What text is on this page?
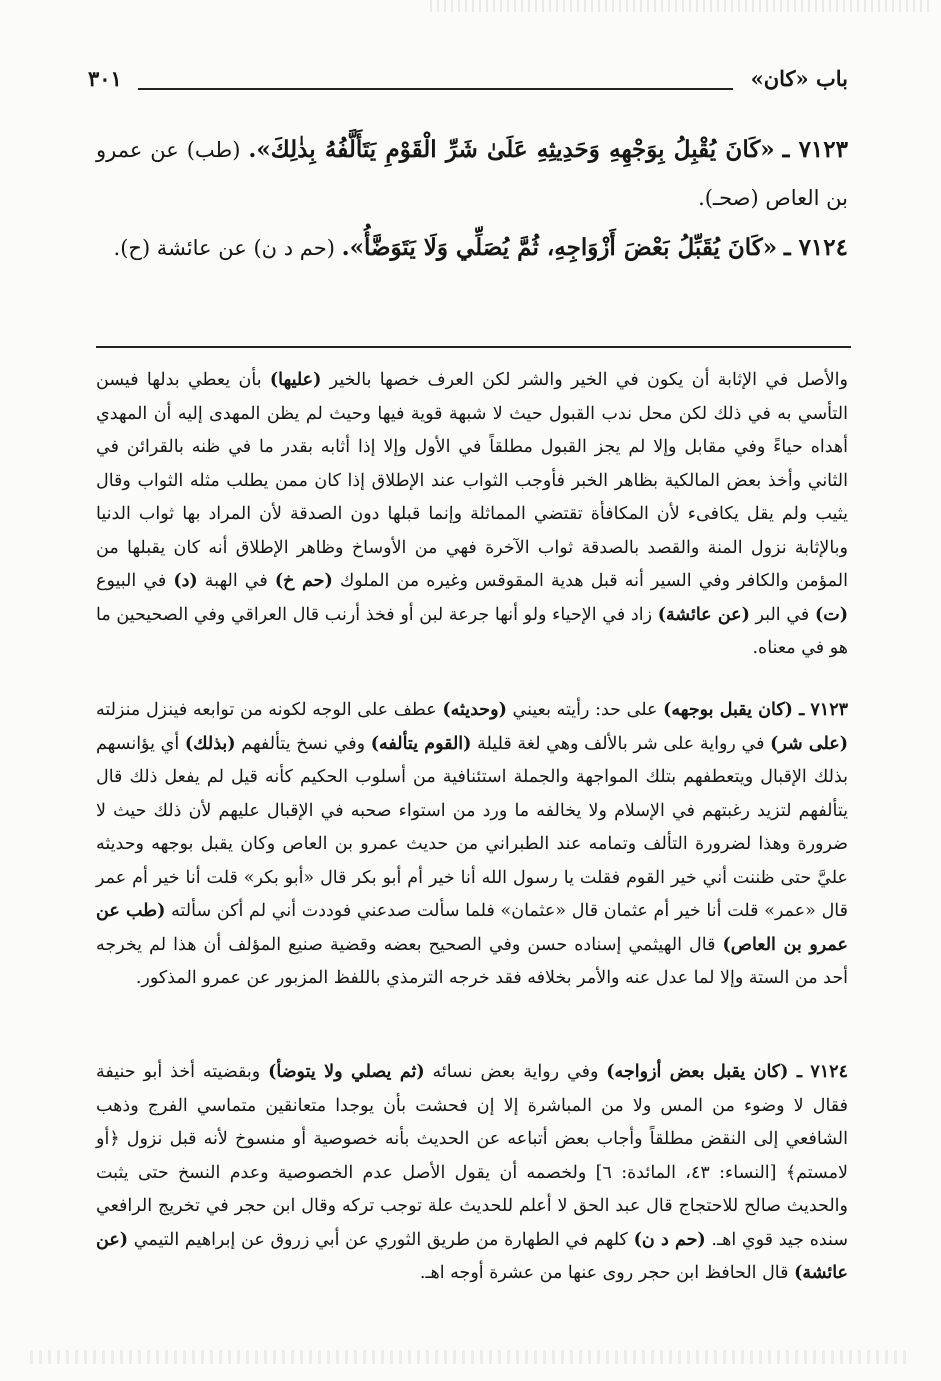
باب «كان»
٣٠١
٧١٢٣ ـ «كَانَ يُقْبِلُ بِوَجْهِهِ وَحَدِيثِهِ عَلَىٰ شَرِّ الْقَوْمِ يَتَأَلَّفُهُ بِذٰلِكَ». (طب) عن عمرو بن العاص (صحـ).
٧١٢٤ ـ «كَانَ يُقَبِّلُ بَعْضَ أَزْوَاجِهِ، ثُمَّ يُصَلِّي وَلَا يَتَوَضَّأُ». (حم د ن) عن عائشة (ح).
والأصل في الإثابة أن يكون في الخير والشر لكن العرف خصها بالخير (عليها) بأن يعطي بدلها فيسن التأسي به في ذلك لكن محل ندب القبول حيث لا شبهة قوية فيها وحيث لم يظن المهدى إليه أن المهدي أهداه حياءً وفي مقابل وإلا لم يجز القبول مطلقاً في الأول وإلا إذا أثابه بقدر ما في ظنه بالقرائن في الثاني وأخذ بعض المالكية بظاهر الخبر فأوجب الثواب عند الإطلاق إذا كان ممن يطلب مثله الثواب وقال يثيب ولم يقل يكافىء لأن المكافأة تقتضي المماثلة وإنما قبلها دون الصدقة لأن المراد بها ثواب الدنيا وبالإثابة نزول المنة والقصد بالصدقة ثواب الآخرة فهي من الأوساخ وظاهر الإطلاق أنه كان يقبلها من المؤمن والكافر وفي السير أنه قبل هدية المقوقس وغيره من الملوك (حم خ) في الهبة (د) في البيوع (ت) في البر (عن عائشة) زاد في الإحياء ولو أنها جرعة لبن أو فخذ أرنب قال العراقي وفي الصحيحين ما هو في معناه.
٧١٢٣ ـ (كان يقبل بوجهه) على حد: رأيته بعيني (وحديثه) عطف على الوجه لكونه من توابعه فينزل منزلته (على شر) في رواية على شر بالألف وهي لغة قليلة (القوم يتألفه) وفي نسخ يتألفهم (بذلك) أي يؤانسهم بذلك الإقبال ويتعطفهم بتلك المواجهة والجملة استئنافية من أسلوب الحكيم كأنه قيل لم يفعل ذلك قال يتألفهم لتزيد رغبتهم في الإسلام ولا يخالفه ما ورد من استواء صحبه في الإقبال عليهم لأن ذلك حيث لا ضرورة وهذا لضرورة التألف وتمامه عند الطبراني من حديث عمرو بن العاص وكان يقبل بوجهه وحديثه عليَّ حتى ظننت أني خير القوم فقلت يا رسول الله أنا خير أم أبو بكر قال «أبو بكر» قلت أنا خير أم عمر قال «عمر» قلت أنا خير أم عثمان قال «عثمان» فلما سألت صدعني فوددت أني لم أكن سألته (طب عن عمرو بن العاص) قال الهيثمي إسناده حسن وفي الصحيح بعضه وقضية صنيع المؤلف أن هذا لم يخرجه أحد من الستة وإلا لما عدل عنه والأمر بخلافه فقد خرجه الترمذي باللفظ المزبور عن عمرو المذكور.
٧١٢٤ ـ (كان يقبل بعض أزواجه) وفي رواية بعض نسائه (ثم يصلي ولا يتوضأ) وبقضيته أخذ أبو حنيفة فقال لا وضوء من المس ولا من المباشرة إلا إن فحشت بأن يوجدا متعانقين متماسي الفرج وذهب الشافعي إلى النقض مطلقاً وأجاب بعض أتباعه عن الحديث بأنه خصوصية أو منسوخ لأنه قبل نزول ﴿أو لامستم﴾ [النساء: ٤٣، المائدة: ٦] ولخصمه أن يقول الأصل عدم الخصوصية وعدم النسخ حتى يثبت والحديث صالح للاحتجاج قال عبد الحق لا أعلم للحديث علة توجب تركه وقال ابن حجر في تخريج الرافعي سنده جيد قوي اهـ. (حم د ن) كلهم في الطهارة من طريق الثوري عن أبي زروق عن إبراهيم التيمي (عن عائشة) قال الحافظ ابن حجر روى عنها من عشرة أوجه اهـ.
